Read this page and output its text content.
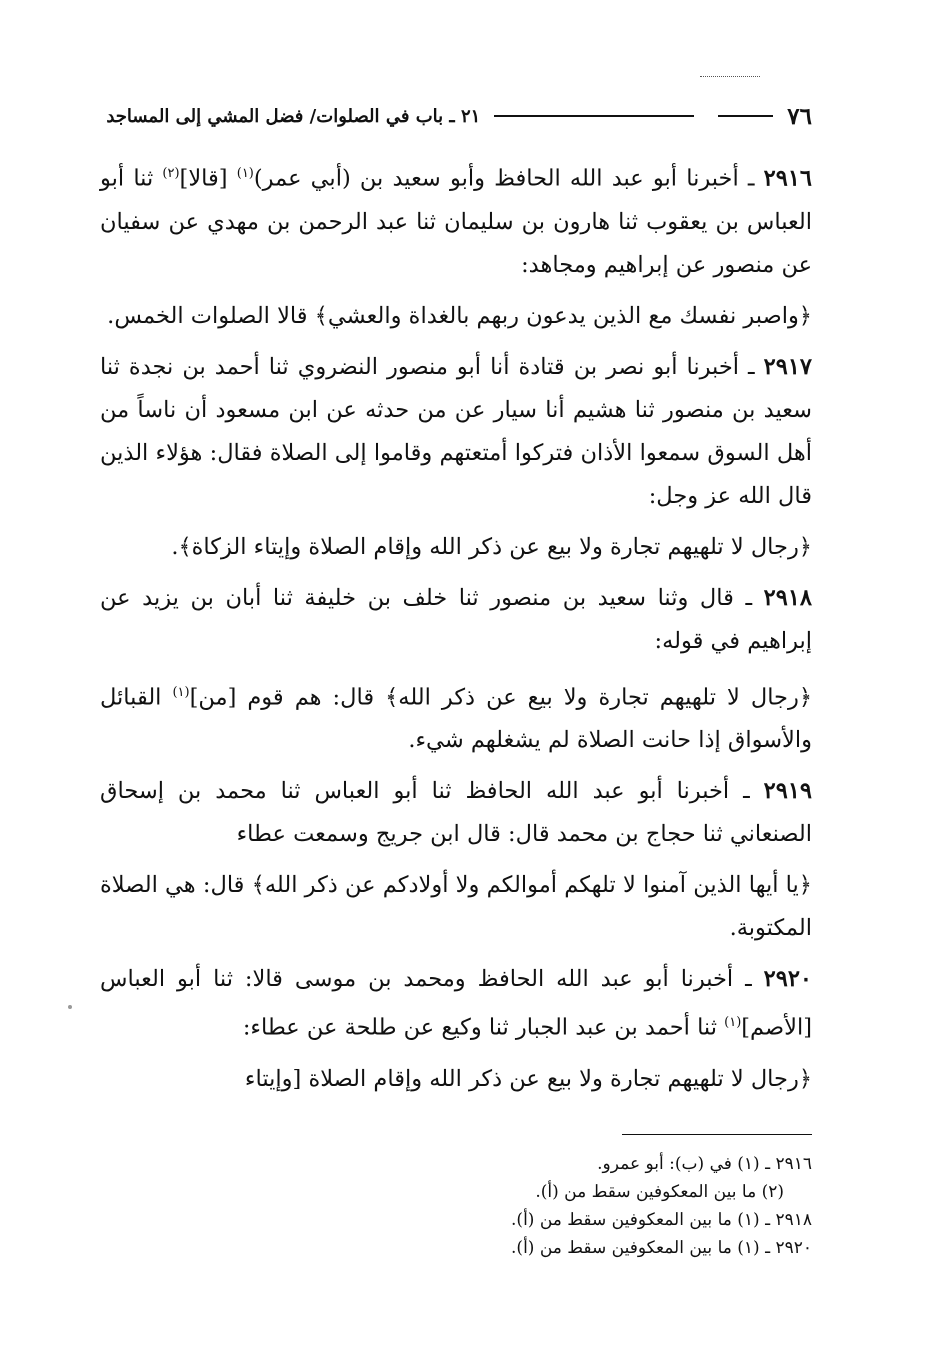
٧٦
٢١ ـ باب في الصلوات/ فضل المشي إلى المساجد

٢٩١٦ ـ أخبرنا أبو عبد الله الحافظ وأبو سعيد بن (أبي عمر)$^{(١)}$ [قالا]$^{(٢)}$ ثنا أبو العباس بن يعقوب ثنا هارون بن سليمان ثنا عبد الرحمن بن مهدي عن سفيان عن منصور عن إبراهيم ومجاهد:

﴿واصبر نفسك مع الذين يدعون ربهم بالغداة والعشي﴾ قالا الصلوات الخمس.

٢٩١٧ ـ أخبرنا أبو نصر بن قتادة أنا أبو منصور النضروي ثنا أحمد بن نجدة ثنا سعيد بن منصور ثنا هشيم أنا سيار عن من حدثه عن ابن مسعود أن ناساً من أهل السوق سمعوا الأذان فتركوا أمتعتهم وقاموا إلى الصلاة فقال: هؤلاء الذين قال الله عز وجل:

﴿رجال لا تلهيهم تجارة ولا بيع عن ذكر الله وإقام الصلاة وإيتاء الزكاة﴾.

٢٩١٨ ـ قال وثنا سعيد بن منصور ثنا خلف بن خليفة ثنا أبان بن يزيد عن إبراهيم في قوله:

﴿رجال لا تلهيهم تجارة ولا بيع عن ذكر الله﴾ قال: هم قوم [من]$^{(١)}$ القبائل والأسواق إذا حانت الصلاة لم يشغلهم شيء.

٢٩١٩ ـ أخبرنا أبو عبد الله الحافظ ثنا أبو العباس ثنا محمد بن إسحاق الصنعاني ثنا حجاج بن محمد قال: قال ابن جريج وسمعت عطاء

﴿يا أيها الذين آمنوا لا تلهكم أموالكم ولا أولادكم عن ذكر الله﴾ قال: هي الصلاة المكتوبة.

٢٩٢٠ ـ أخبرنا أبو عبد الله الحافظ ومحمد بن موسى قالا: ثنا أبو العباس [الأصم]$^{(١)}$ ثنا أحمد بن عبد الجبار ثنا وكيع عن طلحة عن عطاء:

﴿رجال لا تلهيهم تجارة ولا بيع عن ذكر الله وإقام الصلاة [وإيتاء

٢٩١٦ ـ (١) في (ب): أبو عمرو.
(٢) ما بين المعكوفين سقط من (أ).
٢٩١٨ ـ (١) ما بين المعكوفين سقط من (أ).
٢٩٢٠ ـ (١) ما بين المعكوفين سقط من (أ).
